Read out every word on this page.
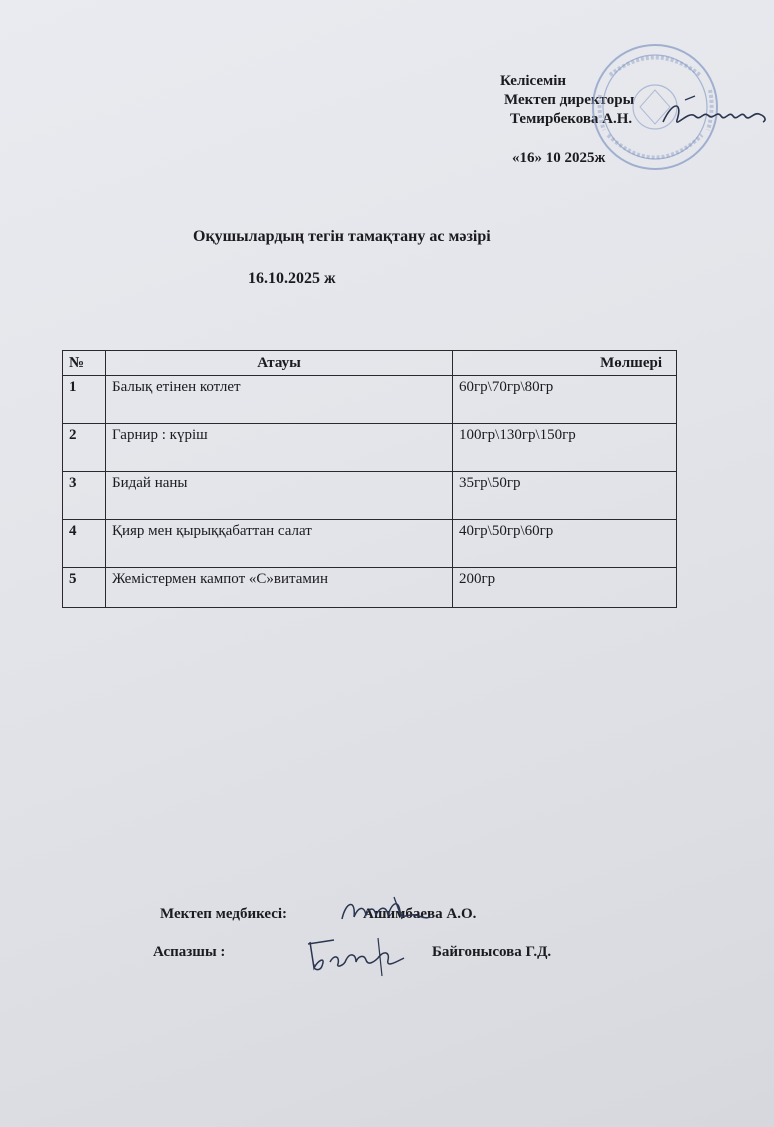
Келісемін
Мектеп директоры
Темирбекова А.Н.
«16» 10 2025ж
Оқушылардың тегін тамақтану ас мәзірі
16.10.2025 ж
№	Атауы	Мөлшері
1	Балық етінен котлет	60гр\70гр\80гр
2	Гарнир : күріш	100гр\130гр\150гр
3	Бидай наны	35гр\50гр
4	Қияр мен қырыққабаттан салат	40гр\50гр\60гр
5	Жемістермен кампот «С»витамин	200гр
Мектеп медбикесі:	Ашимбаева А.О.
Аспазшы :	Байгонысова Г.Д.
